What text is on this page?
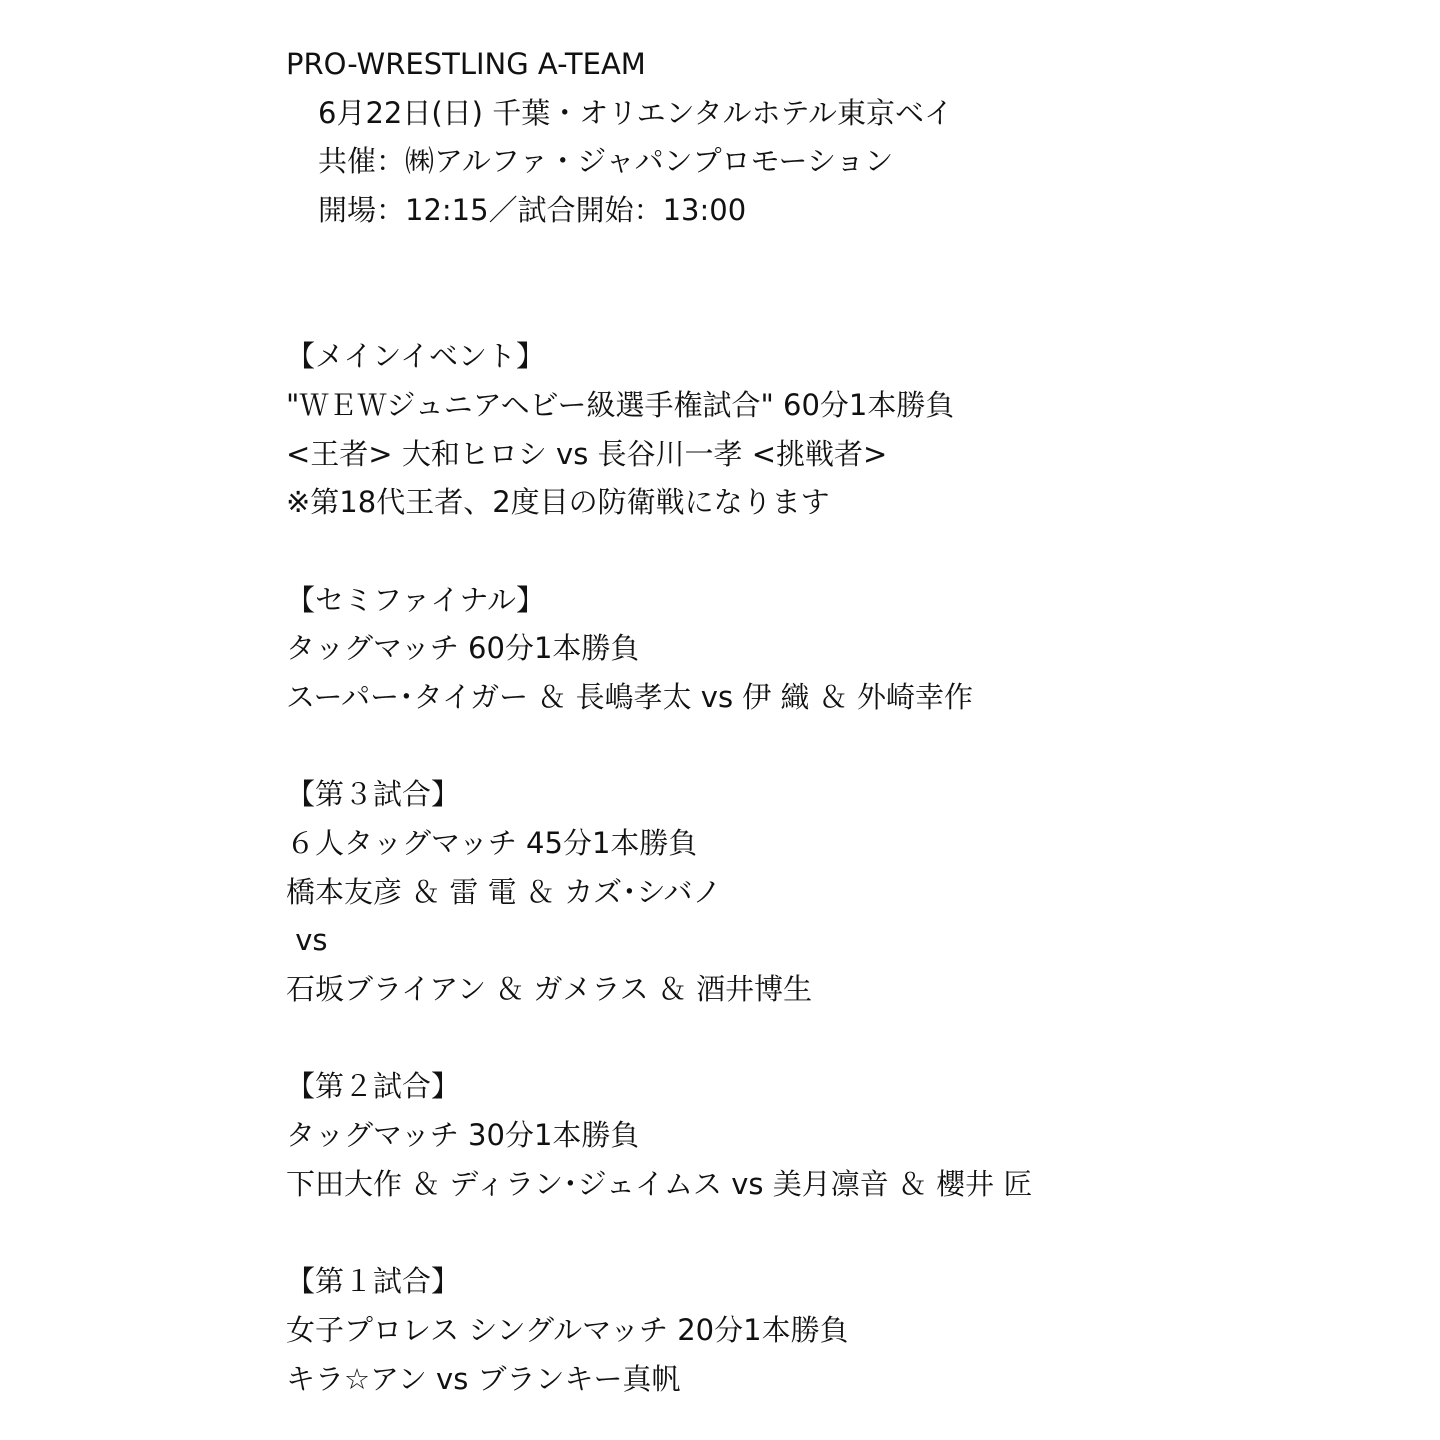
PRO-WRESTLING A-TEAM
6月22日(日) 千葉・オリエンタルホテル東京ベイ
共催：㈱アルファ・ジャパンプロモーション
開場：12:15／試合開始：13:00
【メインイベント】
"ＷＥＷジュニアヘビー級選手権試合" 60分1本勝負
<王者> 大和ヒロシ vs 長谷川一孝 <挑戦者>
※第18代王者、2度目の防衛戦になります
【セミファイナル】
タッグマッチ 60分1本勝負
スーパー･タイガー ＆ 長嶋孝太 vs 伊 織 ＆ 外崎幸作
【第３試合】
６人タッグマッチ 45分1本勝負
橋本友彦 ＆ 雷 電 ＆ カズ･シバノ
vs
石坂ブライアン ＆ ガメラス ＆ 酒井博生
【第２試合】
タッグマッチ 30分1本勝負
下田大作 ＆ ディラン･ジェイムス vs 美月凛音 ＆ 櫻井 匠
【第１試合】
女子プロレス シングルマッチ 20分1本勝負
キラ☆アン vs ブランキー真帆
